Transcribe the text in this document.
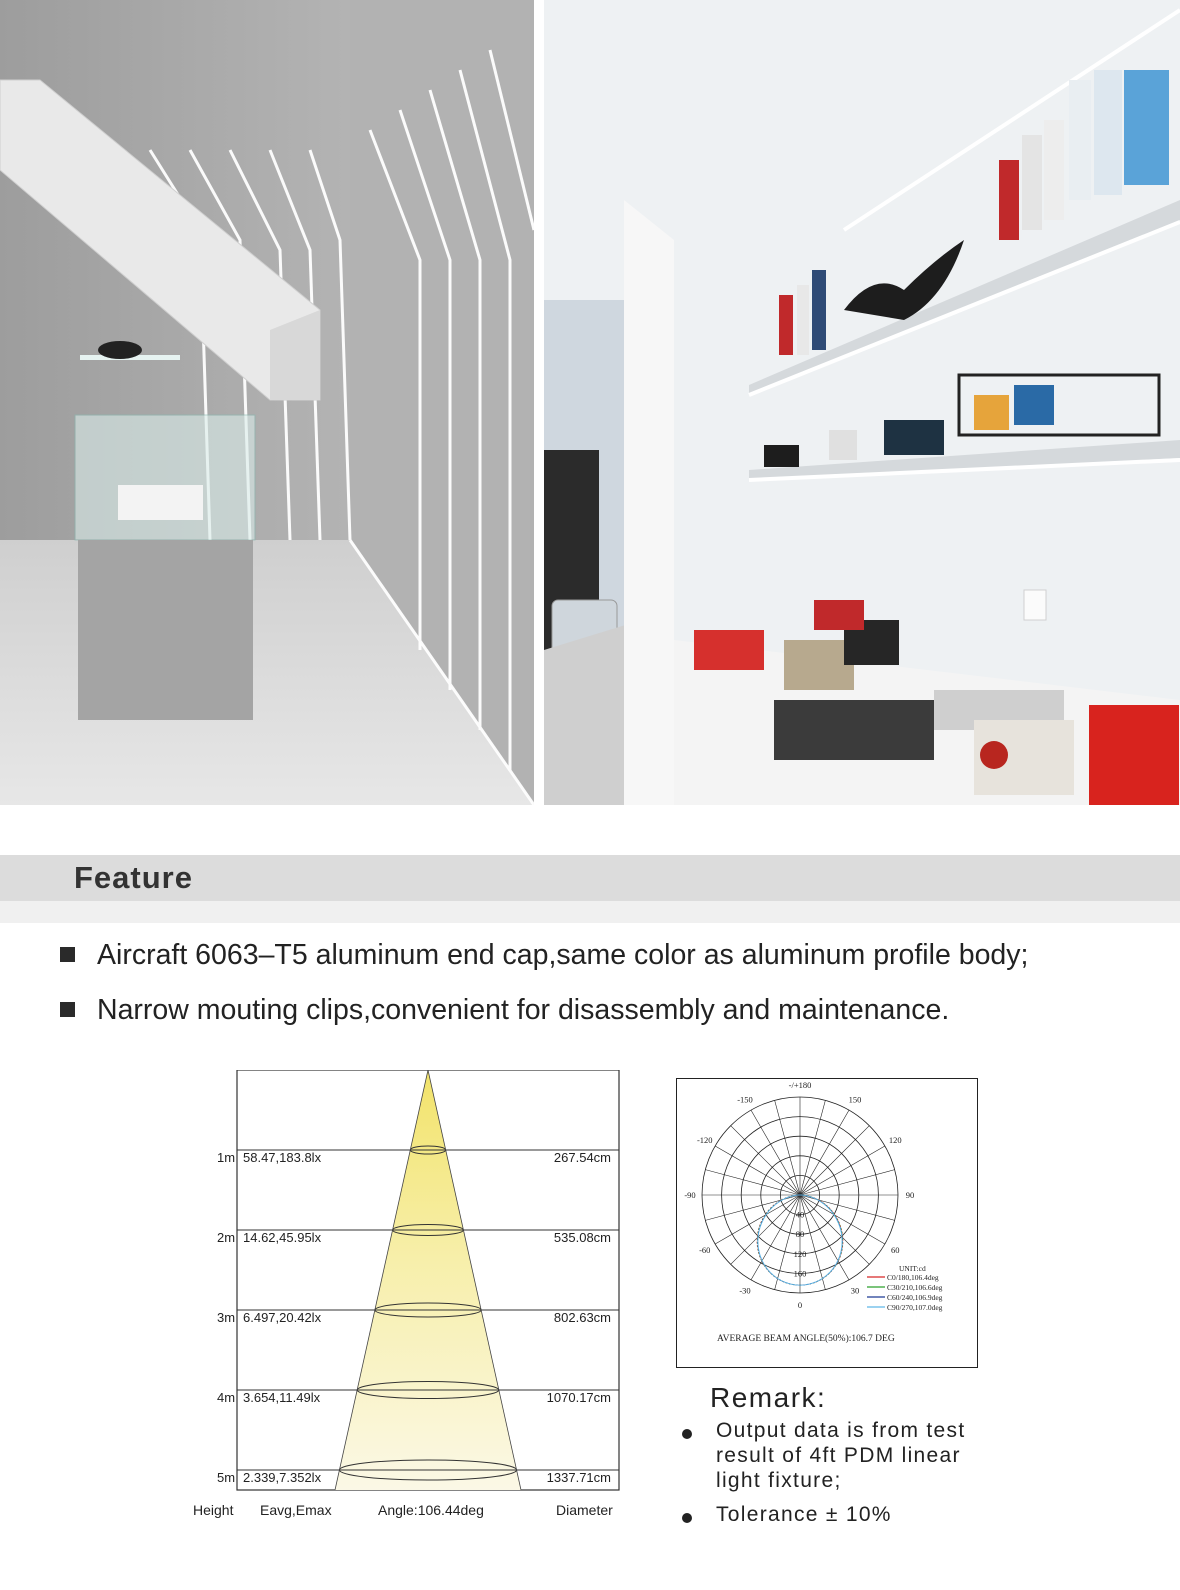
Feature
Aircraft 6063–T5 aluminum end cap,same color as aluminum profile body;
Narrow mouting clips,convenient for disassembly and maintenance.
1m 58.47,183.8lx	267.54cm
2m 14.62,45.95lx	535.08cm
3m 6.497,20.42lx	802.63cm
4m 3.654,11.49lx	1070.17cm
5m 2.339,7.352lx	1337.71cm
Height Eavg,Emax	Angle:106.44deg	Diameter
-/+180
-150	150
-120	120
-90	90
-60	60
-30	30
0
40
80
120
160	UNIT:cd
C0/180,106.4deg
C30/210,106.6deg
C60/240,106.9deg
C90/270,107.0deg
AVERAGE BEAM ANGLE(50%):106.7 DEG
Remark:
Output data is from test result of 4ft PDM linear light fixture;
Tolerance ± 10%
